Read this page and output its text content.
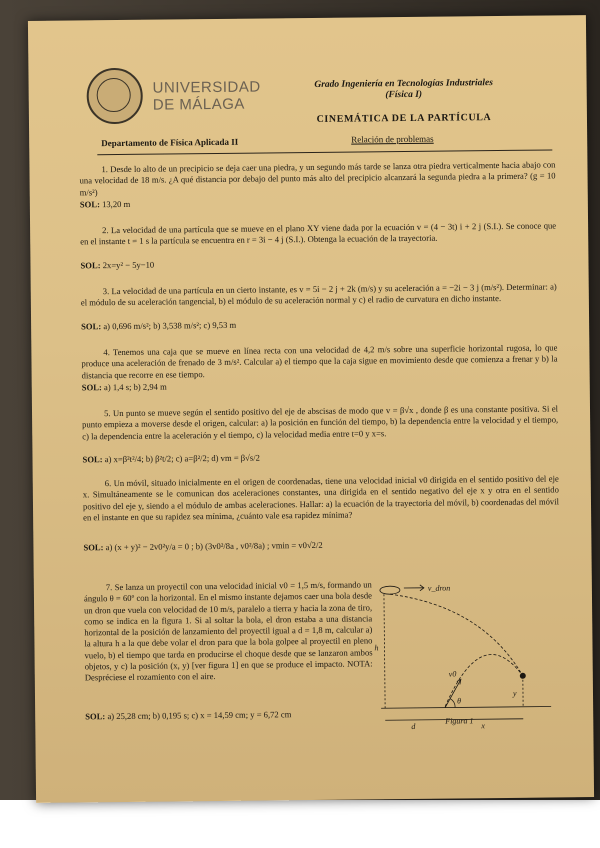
UNIVERSIDAD
DE MÁLAGA
Grado Ingeniería en Tecnologías Industriales
(Física I)
CINEMÁTICA DE LA PARTÍCULA
Departamento de Física Aplicada II	Relación de problemas
1. Desde lo alto de un precipicio se deja caer una piedra, y un segundo más tarde se lanza otra piedra verticalmente hacia abajo con una velocidad de 18 m/s. ¿A qué distancia por debajo del punto más alto del precipicio alcanzará la segunda piedra a la primera? (g = 10 m/s²)
SOL: 13,20 m
2. La velocidad de una partícula que se mueve en el plano XY viene dada por la ecuación v = (4 − 3t) i + 2 j (S.I.). Se conoce que en el instante t = 1 s la partícula se encuentra en r = 3i − 4 j (S.I.). Obtenga la ecuación de la trayectoria.
SOL: 2x=y² − 5y−10
3. La velocidad de una partícula en un cierto instante, es v = 5i − 2 j + 2k (m/s) y su aceleración a = −2i − 3 j (m/s²). Determinar: a) el módulo de su aceleración tangencial, b) el módulo de su aceleración normal y c) el radio de curvatura en dicho instante.
SOL: a) 0,696 m/s²; b) 3,538 m/s²; c) 9,53 m
4. Tenemos una caja que se mueve en línea recta con una velocidad de 4,2 m/s sobre una superficie horizontal rugosa, lo que produce una aceleración de frenado de 3 m/s². Calcular a) el tiempo que la caja sigue en movimiento desde que comienza a frenar y b) la distancia que recorre en ese tiempo.
SOL: a) 1,4 s; b) 2,94 m
5. Un punto se mueve según el sentido positivo del eje de abscisas de modo que v = β√x , donde β es una constante positiva. Si el punto empieza a moverse desde el origen, calcular: a) la posición en función del tiempo, b) la dependencia entre la velocidad y el tiempo, c) la dependencia entre la aceleración y el tiempo, c) la velocidad media entre t=0 y x=s.
SOL: a) x=β²t²/4; b) β²t/2; c) a=β²/2; d) vm = β√s/2
6. Un móvil, situado inicialmente en el origen de coordenadas, tiene una velocidad inicial v0 dirigida en el sentido positivo del eje x. Simultáneamente se le comunican dos aceleraciones constantes, una dirigida en el sentido negativo del eje x y otra en el sentido positivo del eje y, siendo a el módulo de ambas aceleraciones. Hallar: a) la ecuación de la trayectoria del móvil, b) coordenadas del móvil en el instante en que su rapidez sea mínima, ¿cuánto vale esa rapidez mínima?
SOL: a) (x + y)² − 2v0²y/a = 0 ; b) (3v0²/8a , v0²/8a) ; vmin = v0√2/2
7. Se lanza un proyectil con una velocidad inicial v0 = 1,5 m/s, formando un ángulo θ = 60º con la horizontal. En el mismo instante dejamos caer una bola desde un dron que vuela con velocidad de 10 m/s, paralelo a tierra y hacia la zona de tiro, como se indica en la figura 1. Si al soltar la bola, el dron estaba a una distancia horizontal de la posición de lanzamiento del proyectil igual a d = 1,8 m, calcular a) la altura h a la que debe volar el dron para que la bola golpee al proyectil en pleno vuelo, b) el tiempo que tarda en producirse el choque desde que se lanzaron ambos objetos, y c) la posición (x, y) [ver figura 1] en que se produce el impacto. NOTA: Despréciese el rozamiento con el aire.
SOL: a) 25,28 cm; b) 0,195 s; c) x = 14,59 cm; y = 6,72 cm
v_dron
h
v0
θ
y
d	x
Figura 1
